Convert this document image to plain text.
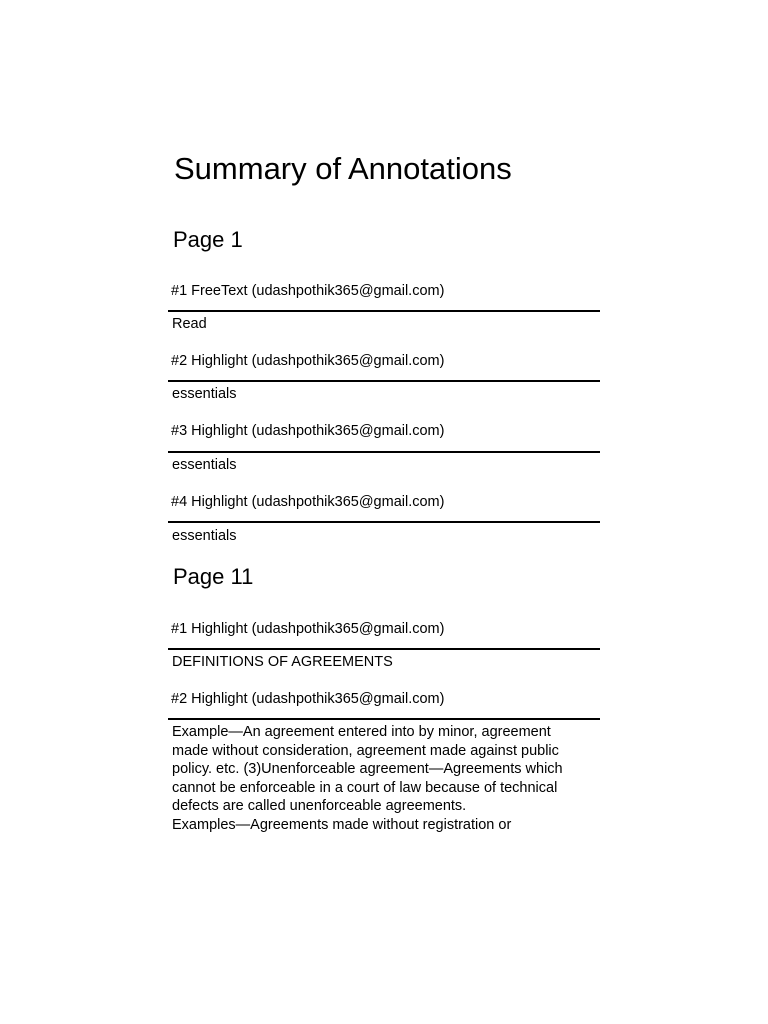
Summary of Annotations
Page 1
#1 FreeText (udashpothik365@gmail.com)
Read
#2 Highlight (udashpothik365@gmail.com)
essentials
#3 Highlight (udashpothik365@gmail.com)
essentials
#4 Highlight (udashpothik365@gmail.com)
essentials
Page 11
#1 Highlight (udashpothik365@gmail.com)
DEFINITIONS OF AGREEMENTS
#2 Highlight (udashpothik365@gmail.com)
Example—An agreement entered into by minor, agreement
made without consideration, agreement made against public
policy. etc. (3)Unenforceable agreement—Agreements which
cannot be enforceable in a court of law because of technical
defects are called unenforceable agreements.
Examples—Agreements made without registration or
